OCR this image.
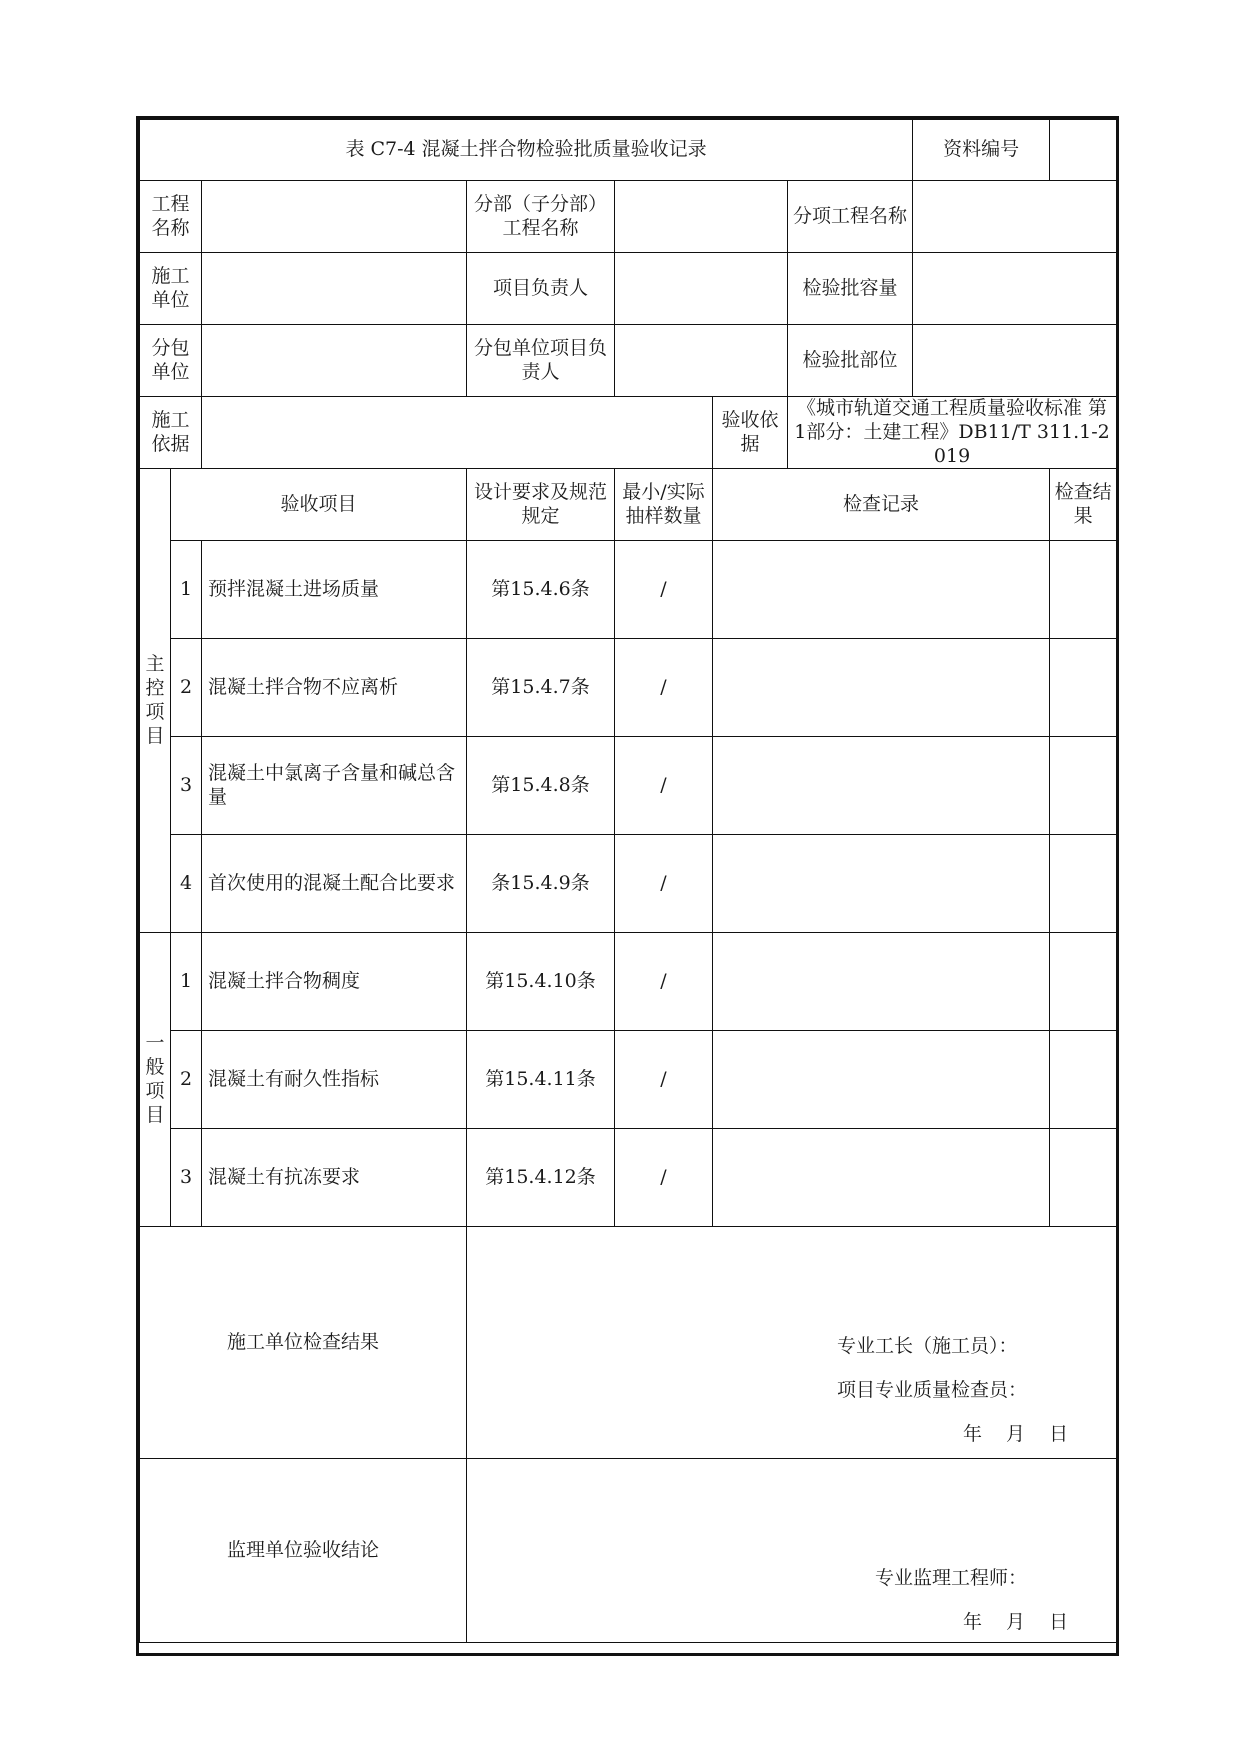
表 C7-4 混凝土拌合物检验批质量验收记录							资料编号	
工程名称			分部（子分部）工程名称			分项工程名称		
施工单位			项目负责人			检验批容量		
分包单位			分包单位项目负责人			检验批部位		
施工依据					验收依据	《城市轨道交通工程质量验收标准 第1部分：土建工程》DB11/T 311.1-2019		
主控项目	验收项目		设计要求及规范规定	最小/实际抽样数量	检查记录			检查结果
	1	预拌混凝土进场质量	第15.4.6条	/				
	2	混凝土拌合物不应离析	第15.4.7条	/				
	3	混凝土中氯离子含量和碱总含量	第15.4.8条	/				
	4	首次使用的混凝土配合比要求	条15.4.9条	/				
一般项目	1	混凝土拌合物稠度	第15.4.10条	/				
	2	混凝土有耐久性指标	第15.4.11条	/				
	3	混凝土有抗冻要求	第15.4.12条	/				
施工单位检查结果			专业工长（施工员）：
项目专业质量检查员：
年 月 日					

监理单位验收结论			专业监理工程师：
年 月 日					
